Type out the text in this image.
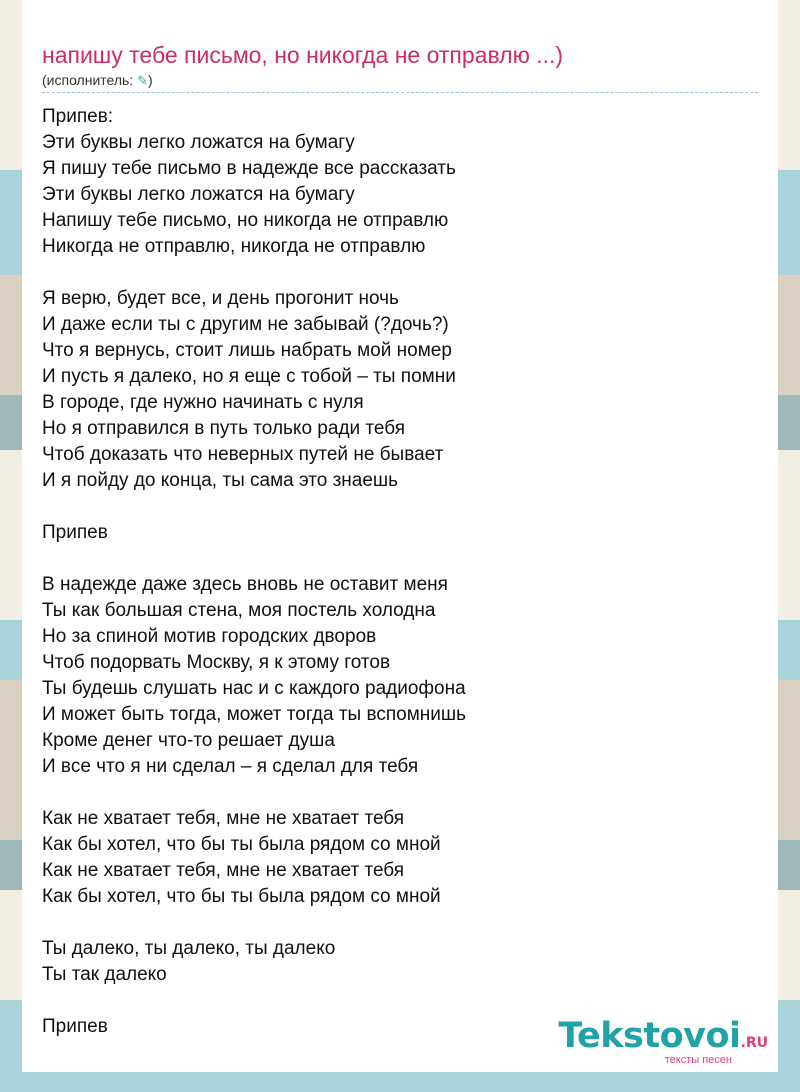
напишу тебе письмо, но никогда не отправлю ...)
(исполнитель: ✎)
Припев:
Эти буквы легко ложатся на бумагу
Я пишу тебе письмо в надежде все рассказать
Эти буквы легко ложатся на бумагу
Напишу тебе письмо, но никогда не отправлю
Никогда не отправлю, никогда не отправлю
Я верю, будет все, и день прогонит ночь
И даже если ты с другим не забывай (?дочь?)
Что я вернусь, стоит лишь набрать мой номер
И пусть я далеко, но я еще с тобой – ты помни
В городе, где нужно начинать с нуля
Но я отправился в путь только ради тебя
Чтоб доказать что неверных путей не бывает
И я пойду до конца, ты сама это знаешь
Припев
В надежде даже здесь вновь не оставит меня
Ты как большая стена, моя постель холодна
Но за спиной мотив городских дворов
Чтоб подорвать Москву, я к этому готов
Ты будешь слушать нас и с каждого радиофона
И может быть тогда, может тогда ты вспомнишь
Кроме денег что-то решает душа
И все что я ни сделал – я сделал для тебя
Как не хватает тебя, мне не хватает тебя
Как бы хотел, что бы ты была рядом со мной
Как не хватает тебя, мне не хватает тебя
Как бы хотел, что бы ты была рядом со мной
Ты далеко, ты далеко, ты далеко
Ты так далеко
Припев	Tekstovoi.RU
тексты песен
